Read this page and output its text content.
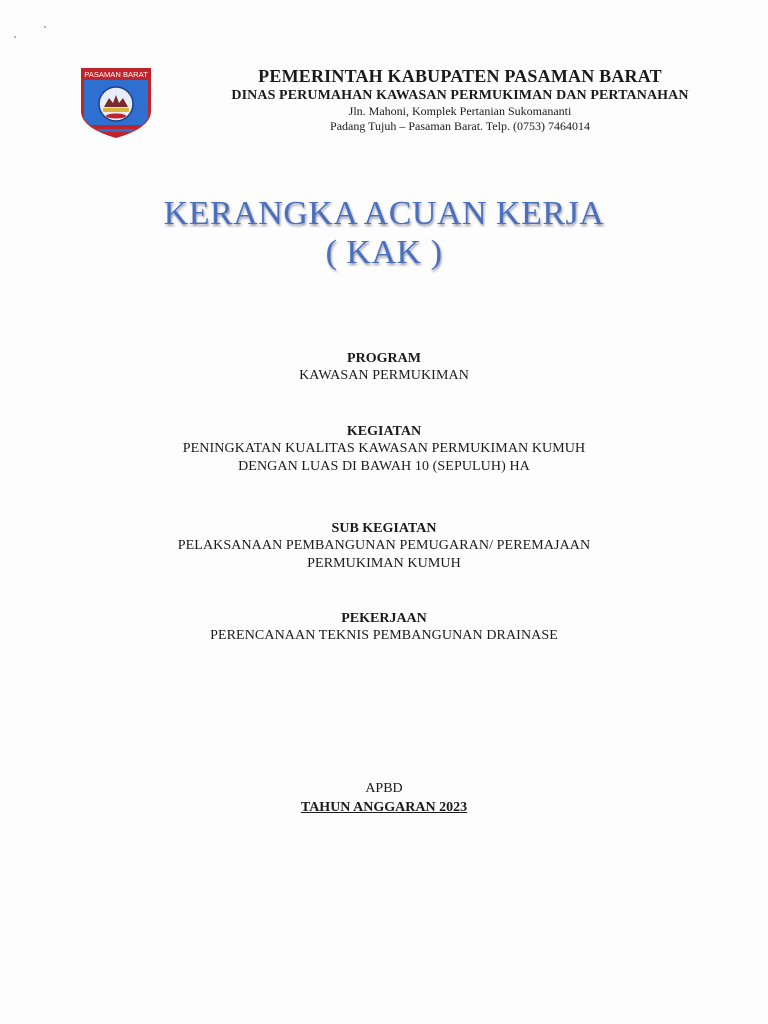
PASAMAN BARAT	PEMERINTAH KABUPATEN PASAMAN BARAT
DINAS PERUMAHAN KAWASAN PERMUKIMAN DAN PERTANAHAN
Jln. Mahoni, Komplek Pertanian Sukomananti
Padang Tujuh – Pasaman Barat. Telp. (0753) 7464014
KERANGKA ACUAN KERJA
( KAK )
PROGRAM
KAWASAN PERMUKIMAN
KEGIATAN
PENINGKATAN KUALITAS KAWASAN PERMUKIMAN KUMUH
DENGAN LUAS DI BAWAH 10 (SEPULUH) HA
SUB KEGIATAN
PELAKSANAAN PEMBANGUNAN PEMUGARAN/ PEREMAJAAN
PERMUKIMAN KUMUH
PEKERJAAN
PERENCANAAN TEKNIS PEMBANGUNAN DRAINASE
APBD
TAHUN ANGGARAN 2023
